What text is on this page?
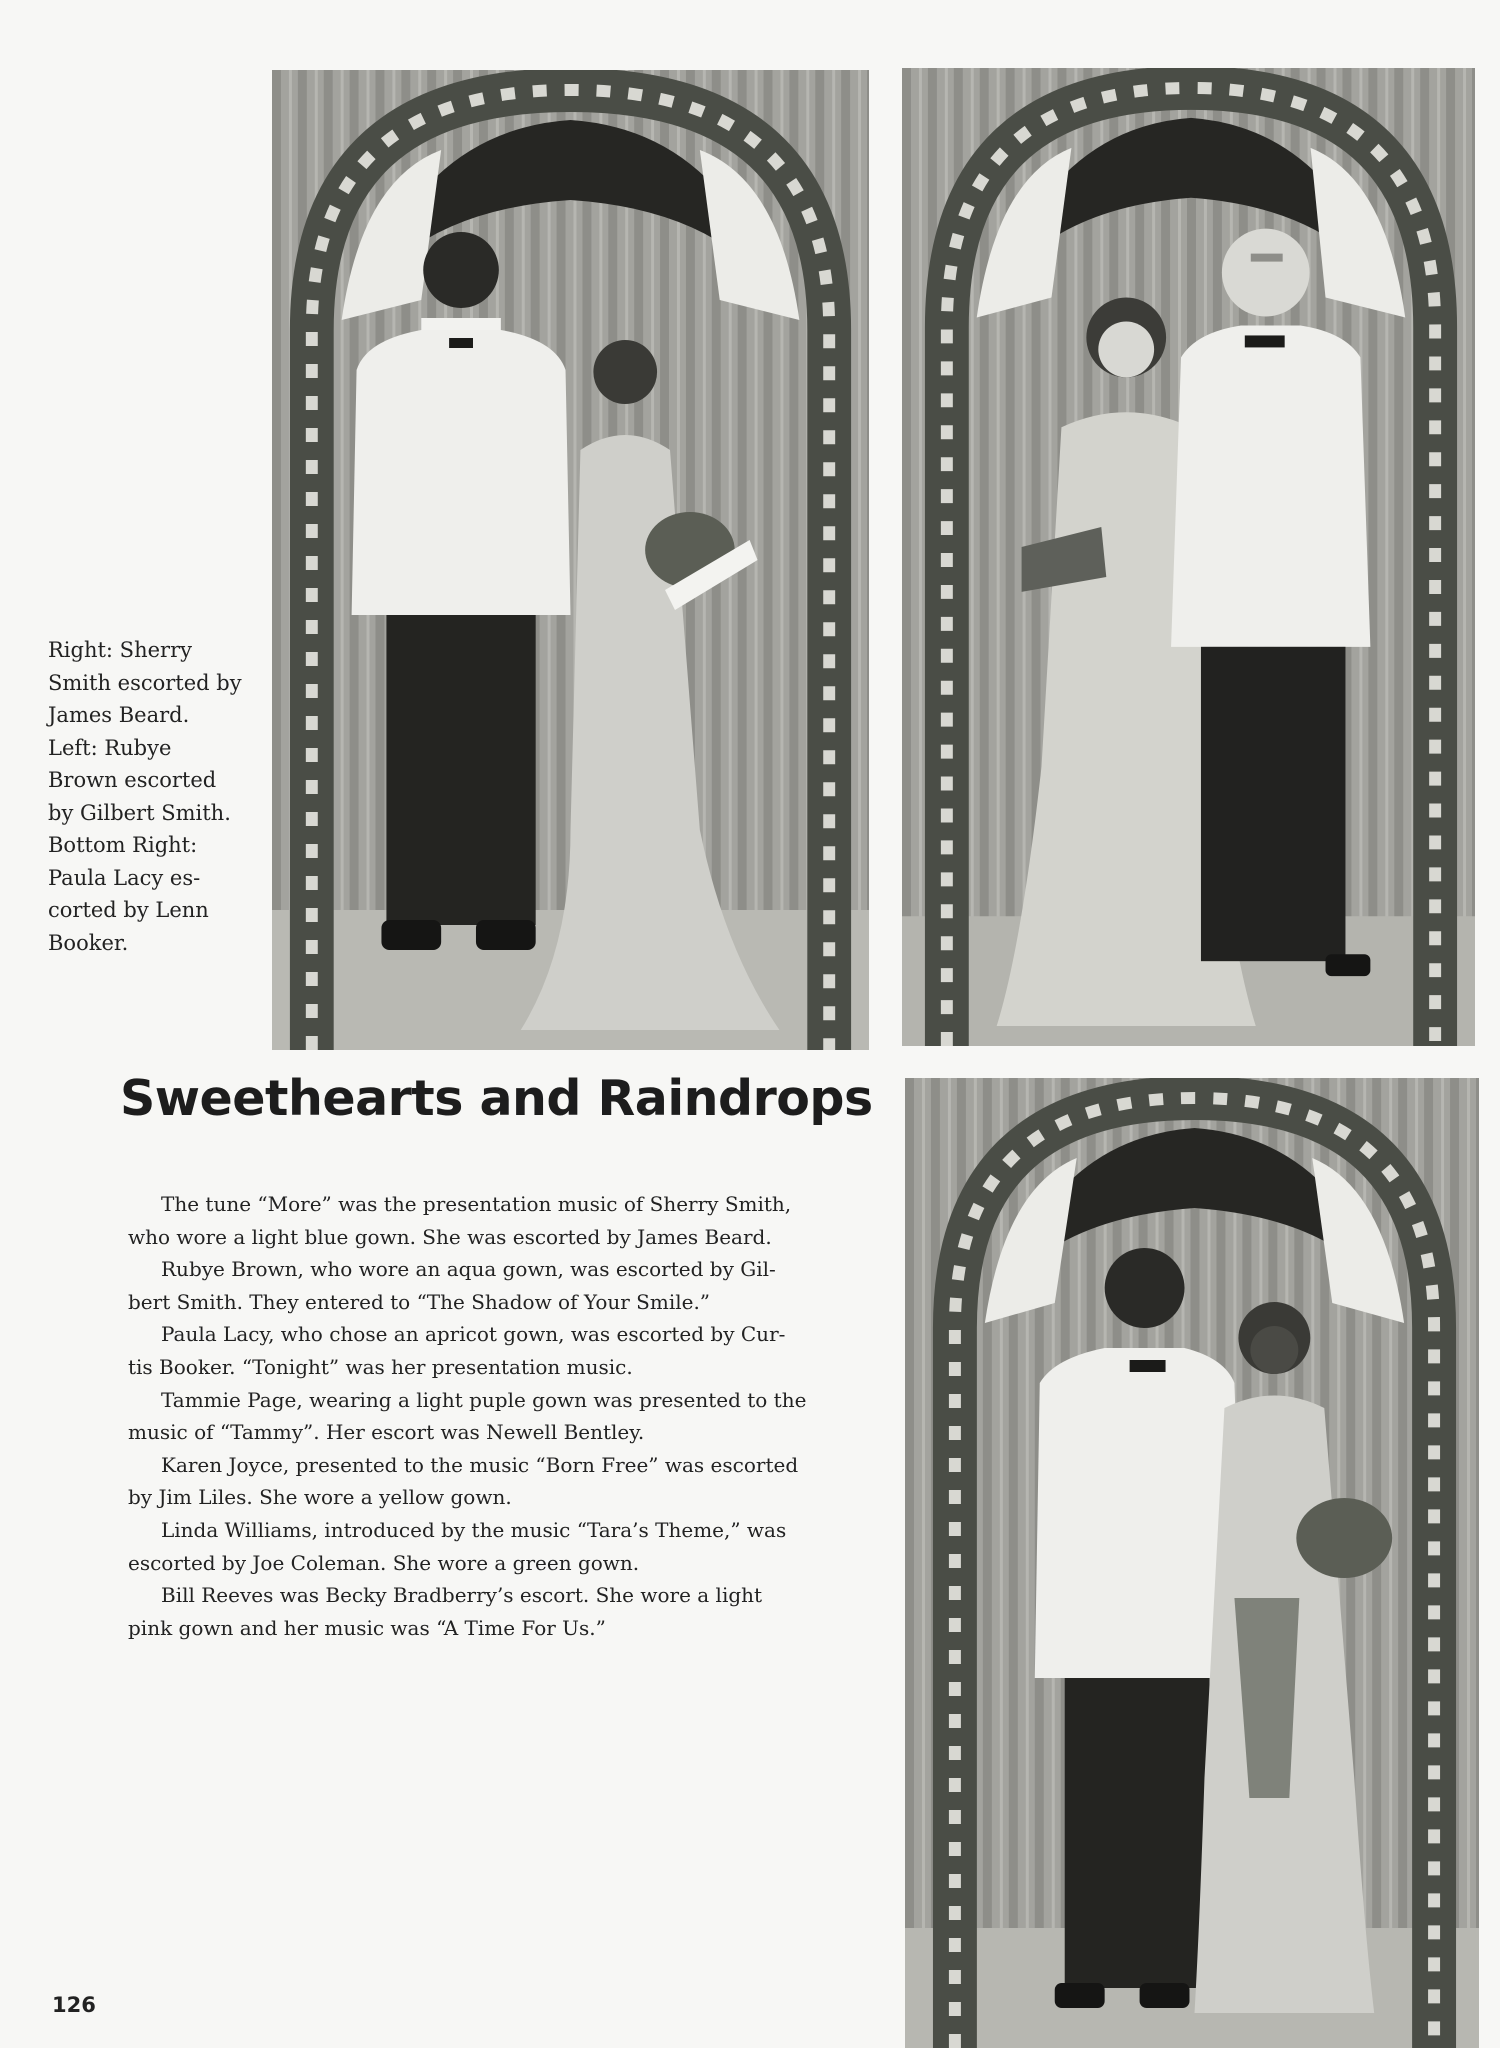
Right: Sherry
Smith escorted by
James Beard.
Left: Rubye
Brown escorted
by Gilbert Smith.
Bottom Right:
Paula Lacy es-
corted by Lenn
Booker.
Sweethearts and Raindrops
The tune “More” was the presentation music of Sherry Smith,
who wore a light blue gown. She was escorted by James Beard.
Rubye Brown, who wore an aqua gown, was escorted by Gil-
bert Smith. They entered to “The Shadow of Your Smile.”
Paula Lacy, who chose an apricot gown, was escorted by Cur-
tis Booker. “Tonight” was her presentation music.
Tammie Page, wearing a light puple gown was presented to the
music of “Tammy”. Her escort was Newell Bentley.
Karen Joyce, presented to the music “Born Free” was escorted
by Jim Liles. She wore a yellow gown.
Linda Williams, introduced by the music “Tara’s Theme,” was
escorted by Joe Coleman. She wore a green gown.
Bill Reeves was Becky Bradberry’s escort. She wore a light
pink gown and her music was “A Time For Us.”
126
